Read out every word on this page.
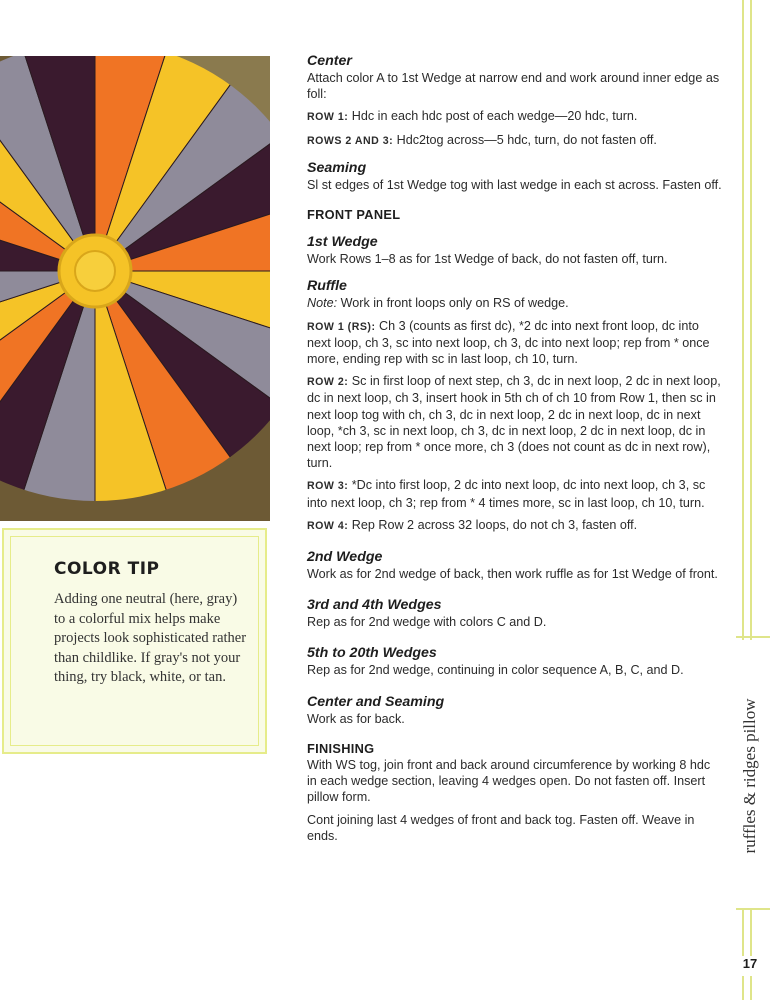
COLOR TIP

Adding one neutral (here, gray) to a colorful mix helps make projects look sophisticated rather than childlike. If gray's not your thing, try black, white, or tan.

Center

Attach color A to 1st Wedge at narrow end and work around inner edge as foll:

ROW 1: Hdc in each hdc post of each wedge—20 hdc, turn.

ROWS 2 AND 3: Hdc2tog across—5 hdc, turn, do not fasten off.

Seaming

Sl st edges of 1st Wedge tog with last wedge in each st across. Fasten off.

FRONT PANEL

1st Wedge

Work Rows 1–8 as for 1st Wedge of back, do not fasten off, turn.

Ruffle

Note: Work in front loops only on RS of wedge.

ROW 1 (RS): Ch 3 (counts as first dc), *2 dc into next front loop, dc into next loop, ch 3, sc into next loop, ch 3, dc into next loop; rep from * once more, ending rep with sc in last loop, ch 10, turn.

ROW 2: Sc in first loop of next step, ch 3, dc in next loop, 2 dc in next loop, dc in next loop, ch 3, insert hook in 5th ch of ch 10 from Row 1, then sc in next loop tog with ch, ch 3, dc in next loop, 2 dc in next loop, dc in next loop, *ch 3, sc in next loop, ch 3, dc in next loop, 2 dc in next loop, dc in next loop; rep from * once more, ch 3 (does not count as dc in next row), turn.

ROW 3: *Dc into first loop, 2 dc into next loop, dc into next loop, ch 3, sc into next loop, ch 3; rep from * 4 times more, sc in last loop, ch 10, turn.

ROW 4: Rep Row 2 across 32 loops, do not ch 3, fasten off.

2nd Wedge

Work as for 2nd wedge of back, then work ruffle as for 1st Wedge of front.

3rd and 4th Wedges

Rep as for 2nd wedge with colors C and D.

5th to 20th Wedges

Rep as for 2nd wedge, continuing in color sequence A, B, C, and D.

Center and Seaming

Work as for back.

FINISHING

With WS tog, join front and back around circumference by working 8 hdc in each wedge section, leaving 4 wedges open. Do not fasten off. Insert pillow form.

Cont joining last 4 wedges of front and back tog. Fasten off. Weave in ends.	ruffles & ridges pillow
17
